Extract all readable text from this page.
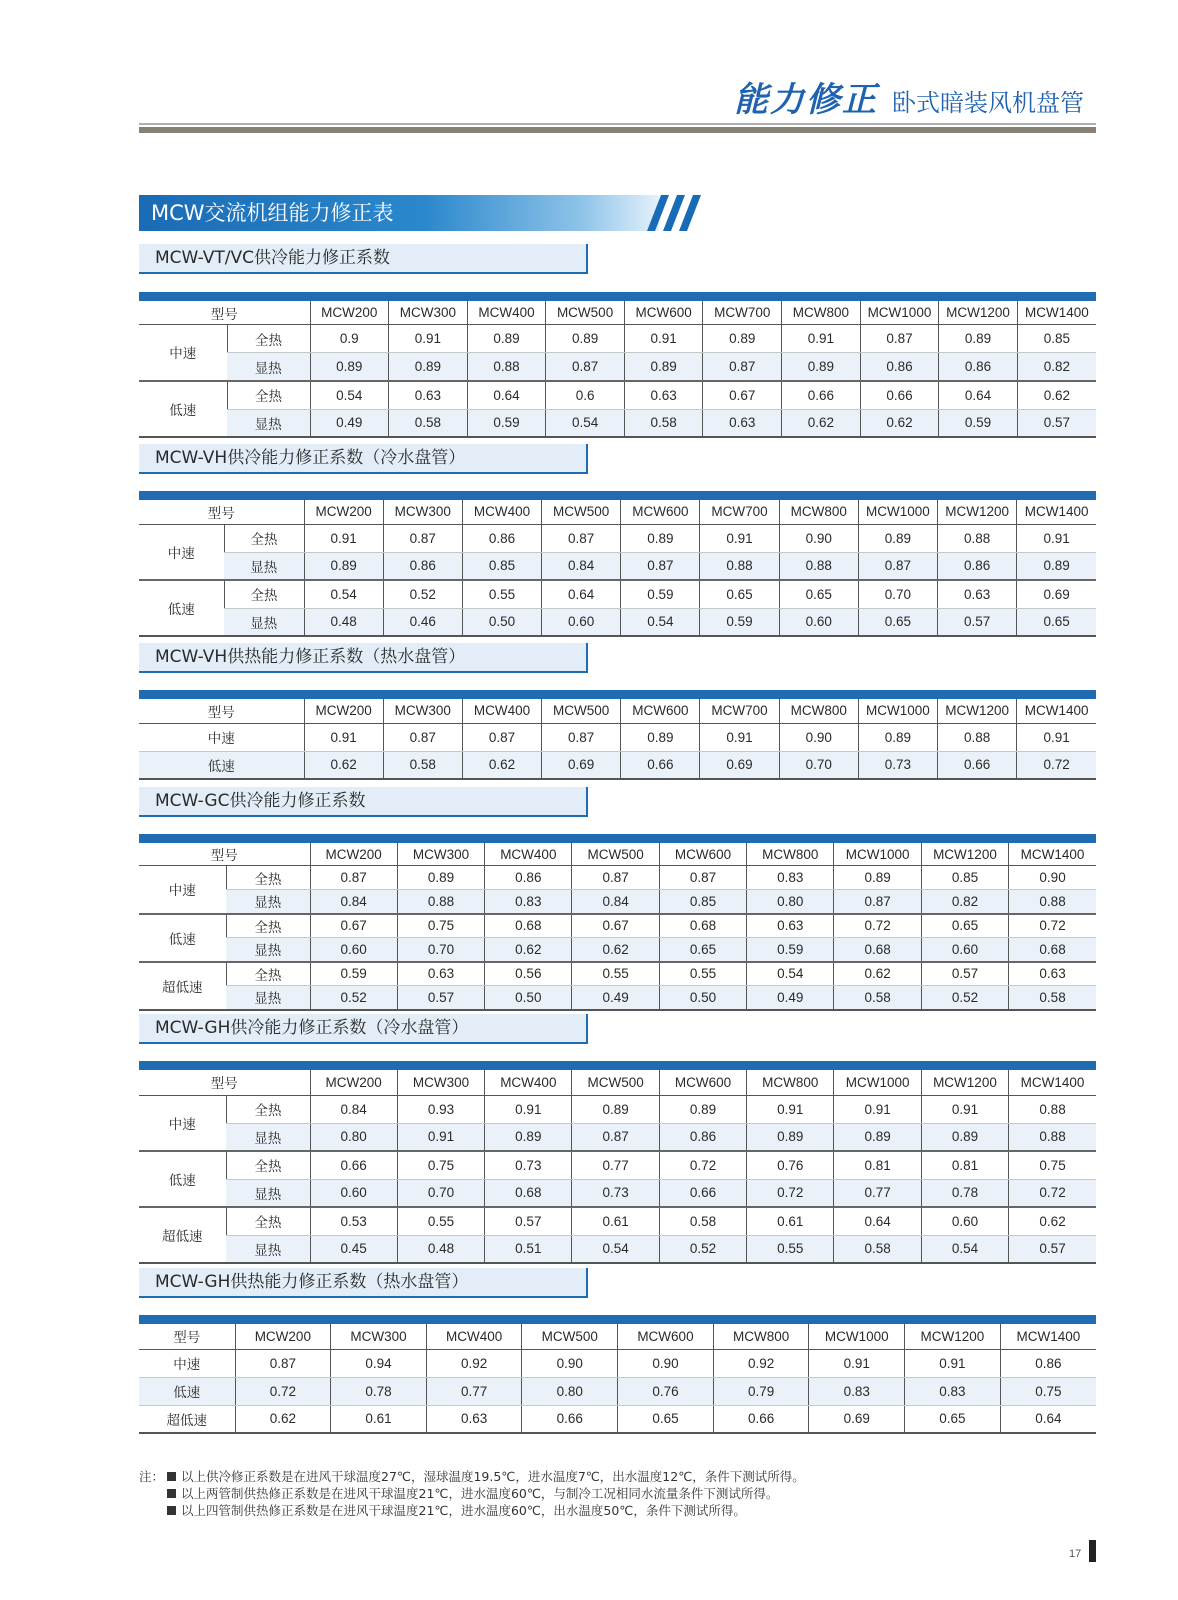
能力修正 卧式暗装风机盘管
MCW交流机组能力修正表
MCW-VT/VC供冷能力修正系数
MCW-VH供冷能力修正系数（冷水盘管）
MCW-VH供热能力修正系数（热水盘管）
MCW-GC供冷能力修正系数
MCW-GH供冷能力修正系数（冷水盘管）
MCW-GH供热能力修正系数（热水盘管）
型号		MCW200	MCW300	MCW400	MCW500	MCW600	MCW700	MCW800	MCW1000	MCW1200	MCW1400
中速	全热	0.9	0.91	0.89	0.89	0.91	0.89	0.91	0.87	0.89	0.85
	显热	0.89	0.89	0.88	0.87	0.89	0.87	0.89	0.86	0.86	0.82
低速	全热	0.54	0.63	0.64	0.6	0.63	0.67	0.66	0.66	0.64	0.62
	显热	0.49	0.58	0.59	0.54	0.58	0.63	0.62	0.62	0.59	0.57
型号		MCW200	MCW300	MCW400	MCW500	MCW600	MCW700	MCW800	MCW1000	MCW1200	MCW1400
中速	全热	0.91	0.87	0.86	0.87	0.89	0.91	0.90	0.89	0.88	0.91
	显热	0.89	0.86	0.85	0.84	0.87	0.88	0.88	0.87	0.86	0.89
低速	全热	0.54	0.52	0.55	0.64	0.59	0.65	0.65	0.70	0.63	0.69
	显热	0.48	0.46	0.50	0.60	0.54	0.59	0.60	0.65	0.57	0.65
型号	MCW200	MCW300	MCW400	MCW500	MCW600	MCW700	MCW800	MCW1000	MCW1200	MCW1400
中速	0.91	0.87	0.87	0.87	0.89	0.91	0.90	0.89	0.88	0.91
低速	0.62	0.58	0.62	0.69	0.66	0.69	0.70	0.73	0.66	0.72
型号		MCW200	MCW300	MCW400	MCW500	MCW600	MCW800	MCW1000	MCW1200	MCW1400
中速	全热	0.87	0.89	0.86	0.87	0.87	0.83	0.89	0.85	0.90
	显热	0.84	0.88	0.83	0.84	0.85	0.80	0.87	0.82	0.88
低速	全热	0.67	0.75	0.68	0.67	0.68	0.63	0.72	0.65	0.72
	显热	0.60	0.70	0.62	0.62	0.65	0.59	0.68	0.60	0.68
超低速	全热	0.59	0.63	0.56	0.55	0.55	0.54	0.62	0.57	0.63
	显热	0.52	0.57	0.50	0.49	0.50	0.49	0.58	0.52	0.58
型号		MCW200	MCW300	MCW400	MCW500	MCW600	MCW800	MCW1000	MCW1200	MCW1400
中速	全热	0.84	0.93	0.91	0.89	0.89	0.91	0.91	0.91	0.88
	显热	0.80	0.91	0.89	0.87	0.86	0.89	0.89	0.89	0.88
低速	全热	0.66	0.75	0.73	0.77	0.72	0.76	0.81	0.81	0.75
	显热	0.60	0.70	0.68	0.73	0.66	0.72	0.77	0.78	0.72
超低速	全热	0.53	0.55	0.57	0.61	0.58	0.61	0.64	0.60	0.62
	显热	0.45	0.48	0.51	0.54	0.52	0.55	0.58	0.54	0.57
型号	MCW200	MCW300	MCW400	MCW500	MCW600	MCW800	MCW1000	MCW1200	MCW1400
中速	0.87	0.94	0.92	0.90	0.90	0.92	0.91	0.91	0.86
低速	0.72	0.78	0.77	0.80	0.76	0.79	0.83	0.83	0.75
超低速	0.62	0.61	0.63	0.66	0.65	0.66	0.69	0.65	0.64
注：	以上供冷修正系数是在进风干球温度27℃，湿球温度19.5℃，进水温度7℃，出水温度12℃，条件下测试所得。
以上两管制供热修正系数是在进风干球温度21℃，进水温度60℃，与制冷工况相同水流量条件下测试所得。
以上四管制供热修正系数是在进风干球温度21℃，进水温度60℃，出水温度50℃，条件下测试所得。
17
